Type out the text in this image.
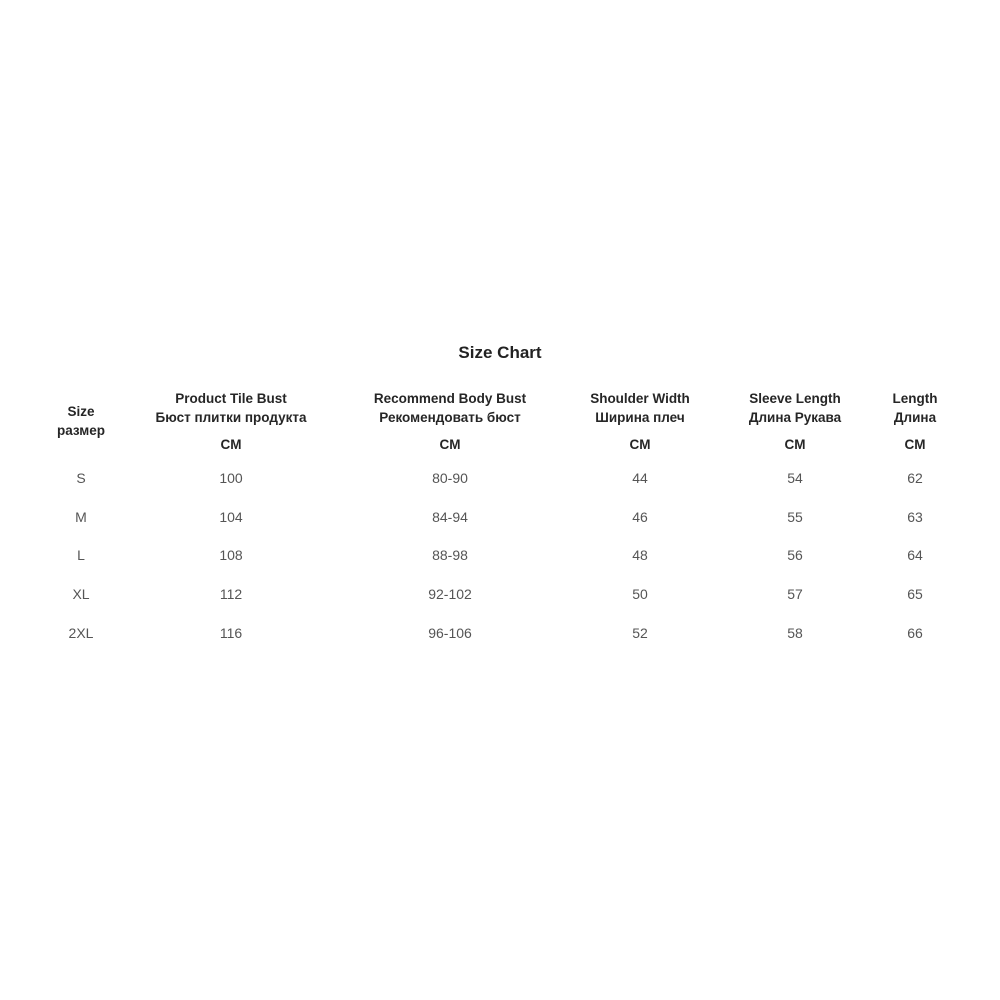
Size Chart
Size
размер
S
M
L
XL
2XL
Product Tile Bust
Бюст плитки продукта
CM
100
104
108
112
116
Recommend Body Bust
Рекомендовать бюст
CM
80-90
84-94
88-98
92-102
96-106
Shoulder Width
Ширина плеч
CM
44
46
48
50
52
Sleeve Length
Длина Рукава
CM
54
55
56
57
58
Length
Длина
CM
62
63
64
65
66
